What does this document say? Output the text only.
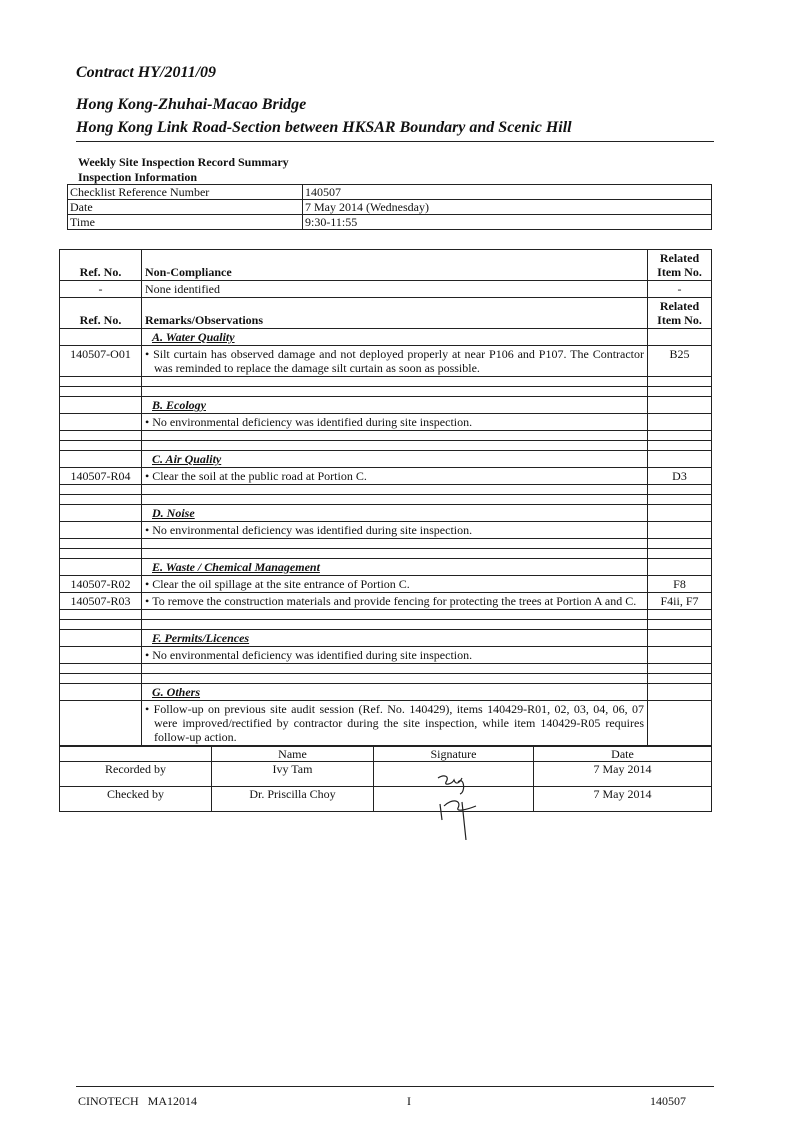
Contract HY/2011/09
Hong Kong-Zhuhai-Macao Bridge
Hong Kong Link Road-Section between HKSAR Boundary and Scenic Hill
Weekly Site Inspection Record Summary
Inspection Information
Checklist Reference Number	140507
Date	7 May 2014 (Wednesday)
Time	9:30-11:55
Ref. No.	Non-Compliance	Related
Item No.
-	None identified	-
Ref. No.	Remarks/Observations	Related
Item No.
	A. Water Quality	
140507-O01	• Silt curtain has observed damage and not deployed properly at near P106 and P107. The Contractor was reminded to replace the damage silt curtain as soon as possible.	B25

	B. Ecology	
	• No environmental deficiency was identified during site inspection.	

	C. Air Quality	
140507-R04	• Clear the soil at the public road at Portion C.	D3

	D. Noise	
	• No environmental deficiency was identified during site inspection.	

	E. Waste / Chemical Management	
140507-R02	• Clear the oil spillage at the site entrance of Portion C.	F8
140507-R03	• To remove the construction materials and provide fencing for protecting the trees at Portion A and C.	F4ii, F7

	F. Permits/Licences	
	• No environmental deficiency was identified during site inspection.	

	G. Others	
	• Follow-up on previous site audit session (Ref. No. 140429), items 140429-R01, 02, 03, 04, 06, 07 were improved/rectified by contractor during the site inspection, while item 140429-R05 requires follow-up action.	
	Name	Signature	Date
Recorded by	Ivy Tam		7 May 2014
Checked by	Dr. Priscilla Choy		7 May 2014
CINOTECH   MA12014	I	140507
